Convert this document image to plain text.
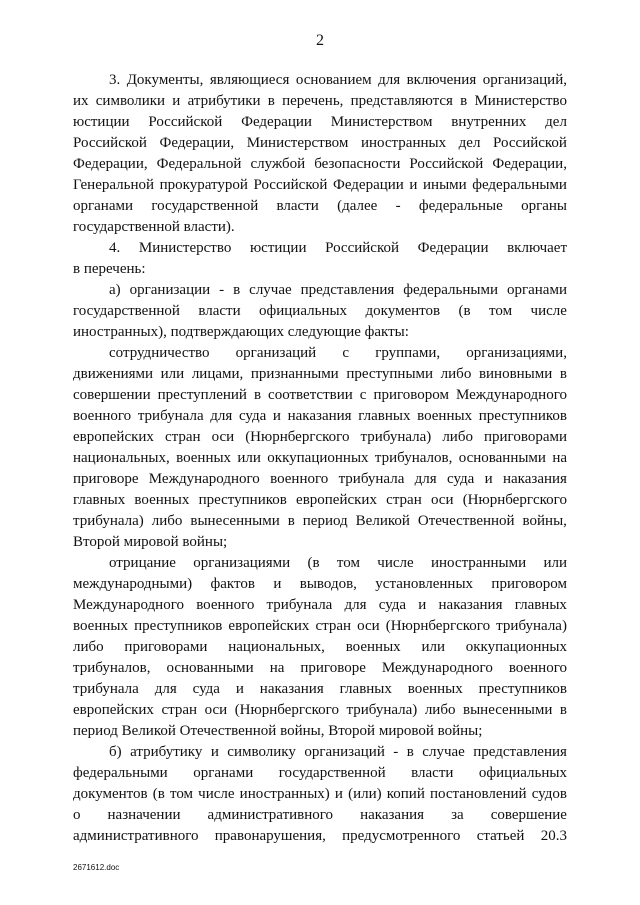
2
3. Документы, являющиеся основанием для включения организаций,
их символики и атрибутики в перечень, представляются в Министерство
юстиции Российской Федерации Министерством внутренних дел
Российской Федерации, Министерством иностранных дел Российской
Федерации, Федеральной службой безопасности Российской Федерации,
Генеральной прокуратурой Российской Федерации и иными федеральными
органами государственной власти (далее - федеральные органы
государственной власти).
4. Министерство юстиции Российской Федерации включает
в перечень:
а) организации - в случае представления федеральными органами
государственной власти официальных документов (в том числе
иностранных), подтверждающих следующие факты:
сотрудничество организаций с группами, организациями,
движениями или лицами, признанными преступными либо виновными в
совершении преступлений в соответствии с приговором Международного
военного трибунала для суда и наказания главных военных преступников
европейских стран оси (Нюрнбергского трибунала) либо приговорами
национальных, военных или оккупационных трибуналов, основанными на
приговоре Международного военного трибунала для суда и наказания
главных военных преступников европейских стран оси (Нюрнбергского
трибунала) либо вынесенными в период Великой Отечественной войны,
Второй мировой войны;
отрицание организациями (в том числе иностранными или
международными) фактов и выводов, установленных приговором
Международного военного трибунала для суда и наказания главных
военных преступников европейских стран оси (Нюрнбергского трибунала)
либо приговорами национальных, военных или оккупационных
трибуналов, основанными на приговоре Международного военного
трибунала для суда и наказания главных военных преступников
европейских стран оси (Нюрнбергского трибунала) либо вынесенными в
период Великой Отечественной войны, Второй мировой войны;
б) атрибутику и символику организаций - в случае представления
федеральными органами государственной власти официальных
документов (в том числе иностранных) и (или) копий постановлений судов
о назначении административного наказания за совершение
административного правонарушения, предусмотренного статьей 20.3
2671612.doc
